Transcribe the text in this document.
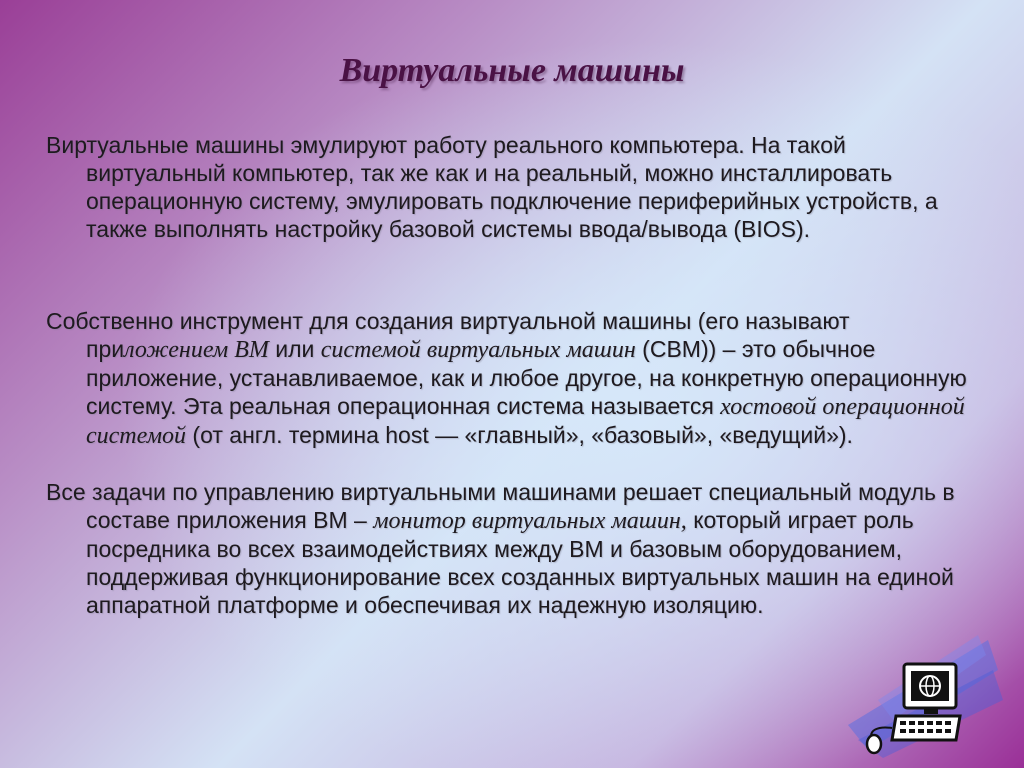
Виртуальные машины
Виртуальные машины эмулируют работу реального компьютера. На такой виртуальный компьютер, так же как и на реальный, можно инсталлировать операционную систему, эмулировать подключение периферийных устройств, а также выполнять настройку базовой системы ввода/вывода (BIOS).
Собственно инструмент для создания виртуальной машины (его называют приложением ВМ или системой виртуальных машин (СВМ)) – это обычное приложение, устанавливаемое, как и любое другое, на конкретную операционную систему. Эта реальная операционная система называется хостовой операционной системой (от англ. термина host — «главный», «базовый», «ведущий»).
Все задачи по управлению виртуальными машинами решает специальный модуль в составе приложения ВМ – монитор виртуальных машин, который играет роль посредника во всех взаимодействиях между ВМ и базовым оборудованием, поддерживая функционирование всех созданных виртуальных машин на единой аппаратной платформе и обеспечивая их надежную изоляцию.
